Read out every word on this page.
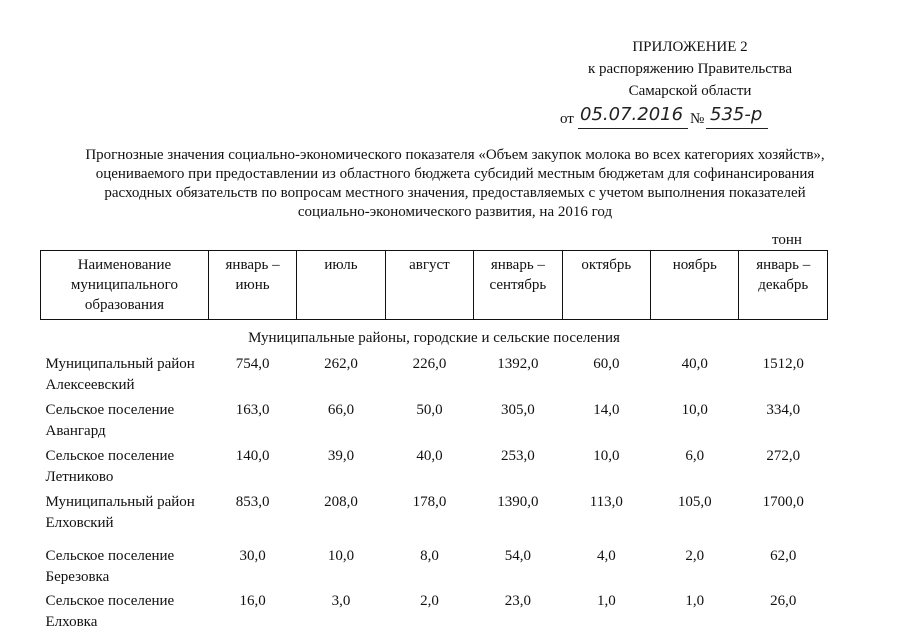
ПРИЛОЖЕНИЕ 2
к распоряжению Правительства
Самарской области
от 05.07.2016 № 535-р
Прогнозные значения социально-экономического показателя «Объем закупок молока во всех категориях хозяйств»,
оцениваемого при предоставлении из областного бюджета субсидий местным бюджетам для софинансирования
расходных обязательств по вопросам местного значения, предоставляемых с учетом выполнения показателей
социально-экономического развития, на 2016 год
тонн
Наименование муниципального образования	январь – июнь	июль	август	январь – сентябрь	октябрь	ноябрь	январь – декабрь
Муниципальные районы, городские и сельские поселения							
Муниципальный район Алексеевский	754,0	262,0	226,0	1392,0	60,0	40,0	1512,0
Сельское поселение Авангард	163,0	66,0	50,0	305,0	14,0	10,0	334,0
Сельское поселение Летниково	140,0	39,0	40,0	253,0	10,0	6,0	272,0
Муниципальный район Елховский	853,0	208,0	178,0	1390,0	113,0	105,0	1700,0
Сельское поселение Березовка	30,0	10,0	8,0	54,0	4,0	2,0	62,0
Сельское поселение Елховка	16,0	3,0	2,0	23,0	1,0	1,0	26,0
